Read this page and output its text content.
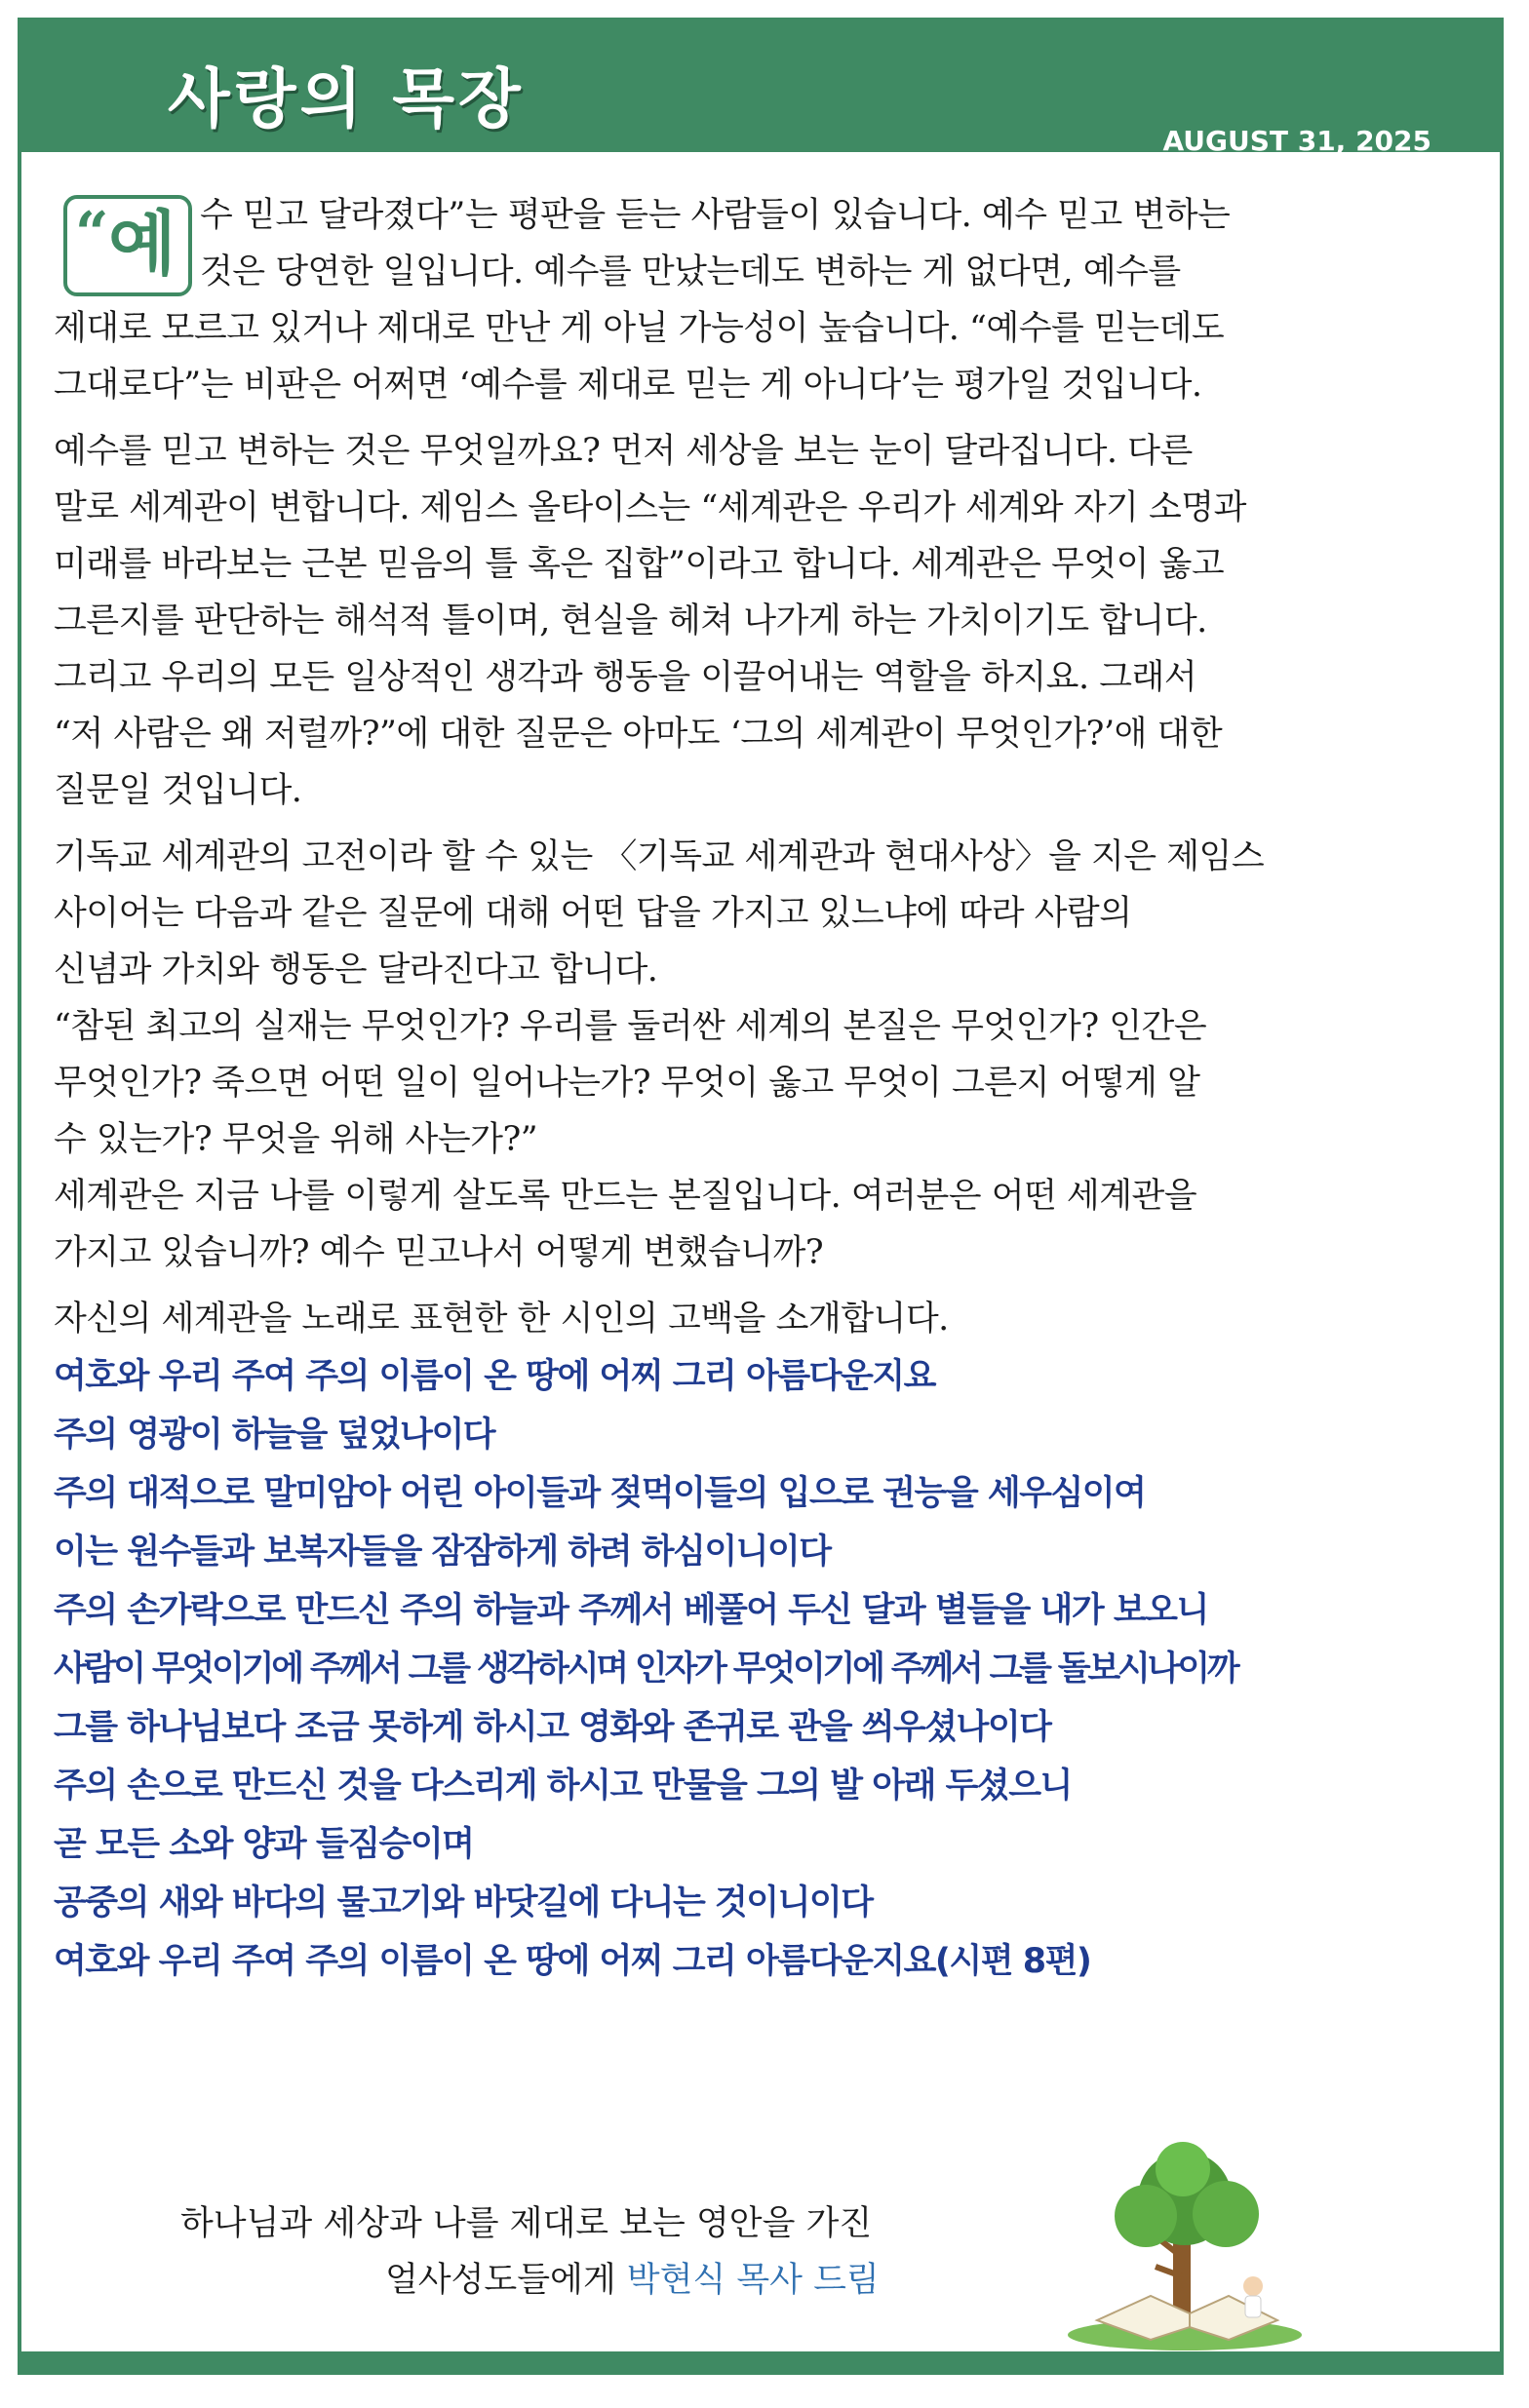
사랑의 목장
AUGUST 31, 2025
“ 예 수 믿고 달라졌다”는 평판을 듣는 사람들이 있습니다. 예수 믿고 변하는
것은 당연한 일입니다. 예수를 만났는데도 변하는 게 없다면, 예수를
제대로 모르고 있거나 제대로 만난 게 아닐 가능성이 높습니다. “예수를 믿는데도
그대로다”는 비판은 어쩌면 ‘예수를 제대로 믿는 게 아니다’는 평가일 것입니다.
예수를 믿고 변하는 것은 무엇일까요? 먼저 세상을 보는 눈이 달라집니다. 다른
말로 세계관이 변합니다. 제임스 올타이스는 “세계관은 우리가 세계와 자기 소명과
미래를 바라보는 근본 믿음의 틀 혹은 집합”이라고 합니다. 세계관은 무엇이 옳고
그른지를 판단하는 해석적 틀이며, 현실을 헤쳐 나가게 하는 가치이기도 합니다.
그리고 우리의 모든 일상적인 생각과 행동을 이끌어내는 역할을 하지요. 그래서
“저 사람은 왜 저럴까?”에 대한 질문은 아마도 ‘그의 세계관이 무엇인가?’애 대한
질문일 것입니다.
기독교 세계관의 고전이라 할 수 있는 〈기독교 세계관과 현대사상〉을 지은 제임스
사이어는 다음과 같은 질문에 대해 어떤 답을 가지고 있느냐에 따라 사람의
신념과 가치와 행동은 달라진다고 합니다.
“참된 최고의 실재는 무엇인가? 우리를 둘러싼 세계의 본질은 무엇인가? 인간은
무엇인가? 죽으면 어떤 일이 일어나는가? 무엇이 옳고 무엇이 그른지 어떻게 알
수 있는가? 무엇을 위해 사는가?”
세계관은 지금 나를 이렇게 살도록 만드는 본질입니다. 여러분은 어떤 세계관을
가지고 있습니까? 예수 믿고나서 어떻게 변했습니까?
자신의 세계관을 노래로 표현한 한 시인의 고백을 소개합니다.
여호와 우리 주여 주의 이름이 온 땅에 어찌 그리 아름다운지요
주의 영광이 하늘을 덮었나이다
주의 대적으로 말미암아 어린 아이들과 젖먹이들의 입으로 권능을 세우심이여
이는 원수들과 보복자들을 잠잠하게 하려 하심이니이다
주의 손가락으로 만드신 주의 하늘과 주께서 베풀어 두신 달과 별들을 내가 보오니
사람이 무엇이기에 주께서 그를 생각하시며 인자가 무엇이기에 주께서 그를 돌보시나이까
그를 하나님보다 조금 못하게 하시고 영화와 존귀로 관을 씌우셨나이다
주의 손으로 만드신 것을 다스리게 하시고 만물을 그의 발 아래 두셨으니
곧 모든 소와 양과 들짐승이며
공중의 새와 바다의 물고기와 바닷길에 다니는 것이니이다
여호와 우리 주여 주의 이름이 온 땅에 어찌 그리 아름다운지요(시편 8편)
하나님과 세상과 나를 제대로 보는 영안을 가진
얼사성도들에게 박현식 목사 드림
